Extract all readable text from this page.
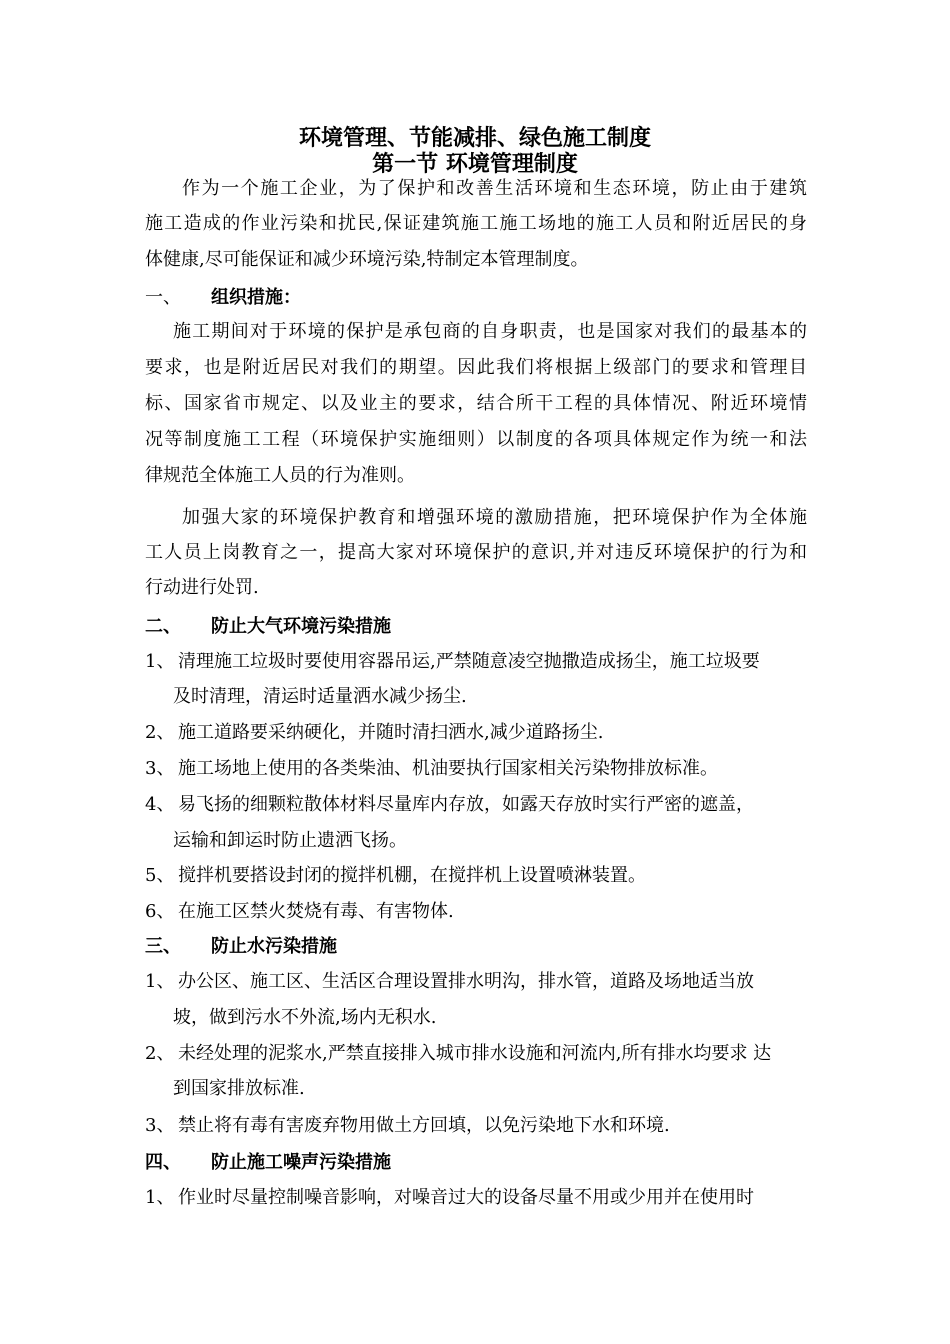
环境管理、节能减排、绿色施工制度
第一节 环境管理制度
作为一个施工企业，为了保护和改善生活环境和生态环境，防止由于建筑
施工造成的作业污染和扰民,保证建筑施工施工场地的施工人员和附近居民的身
体健康,尽可能保证和减少环境污染,特制定本管理制度。
一、 组织措施：
施工期间对于环境的保护是承包商的自身职责，也是国家对我们的最基本的
要求，也是附近居民对我们的期望。因此我们将根据上级部门的要求和管理目
标、国家省市规定、以及业主的要求，结合所干工程的具体情况、附近环境情
况等制度施工工程（环境保护实施细则）以制度的各项具体规定作为统一和法
律规范全体施工人员的行为准则。
加强大家的环境保护教育和增强环境的激励措施，把环境保护作为全体施
工人员上岗教育之一，提高大家对环境保护的意识,并对违反环境保护的行为和
行动进行处罚.
二、 防止大气环境污染措施
1、 清理施工垃圾时要使用容器吊运,严禁随意凌空抛撒造成扬尘，施工垃圾要
及时清理，清运时适量洒水减少扬尘.
2、 施工道路要采纳硬化，并随时清扫洒水,减少道路扬尘.
3、 施工场地上使用的各类柴油、机油要执行国家相关污染物排放标准。
4、 易飞扬的细颗粒散体材料尽量库内存放，如露天存放时实行严密的遮盖，
运输和卸运时防止遗洒飞扬。
5、 搅拌机要搭设封闭的搅拌机棚，在搅拌机上设置喷淋装置。
6、 在施工区禁火焚烧有毒、有害物体.
三、 防止水污染措施
1、 办公区、施工区、生活区合理设置排水明沟，排水管，道路及场地适当放
坡，做到污水不外流,场内无积水.
2、 未经处理的泥浆水,严禁直接排入城市排水设施和河流内,所有排水均要求 达
到国家排放标准.
3、 禁止将有毒有害废弃物用做土方回填，以免污染地下水和环境.
四、 防止施工噪声污染措施
1、 作业时尽量控制噪音影响，对噪音过大的设备尽量不用或少用并在使用时
